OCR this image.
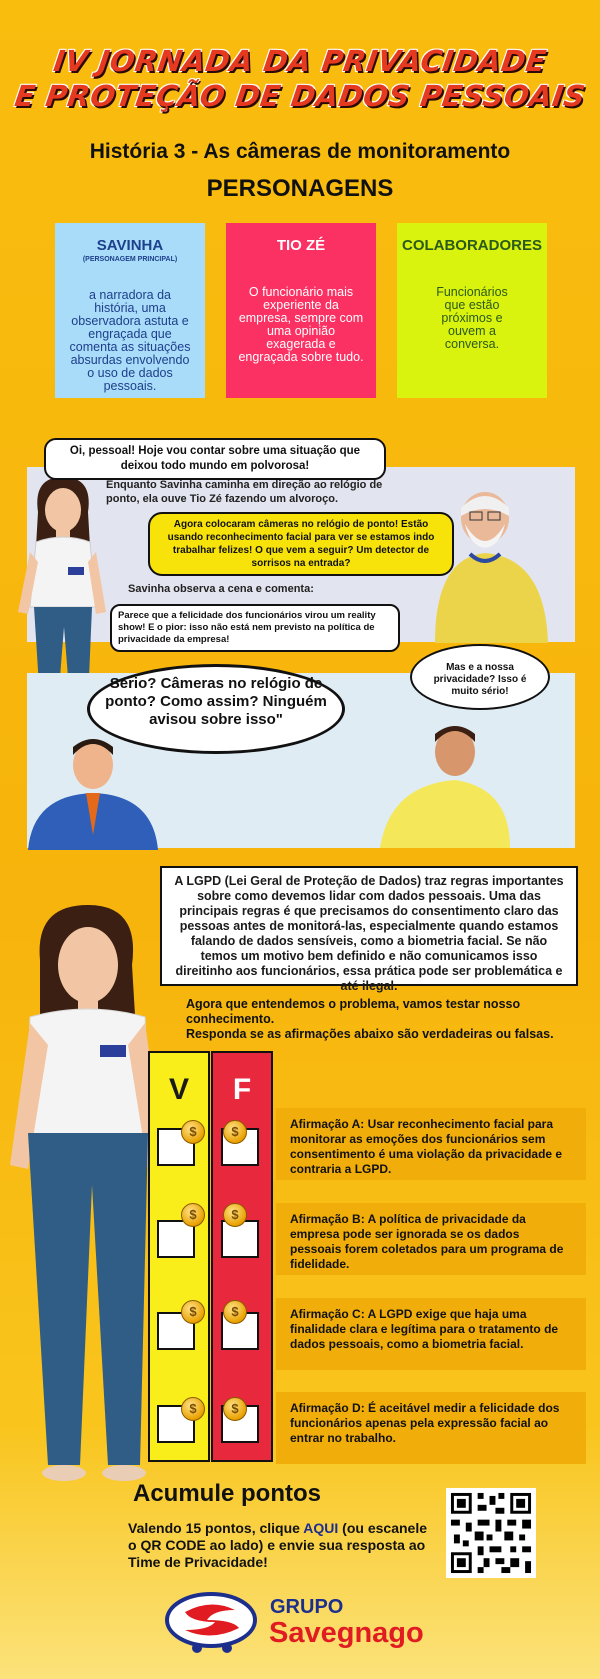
IV JORNADA DA PRIVACIDADE
E PROTEÇÃO DE DADOS PESSOAIS
História 3 - As câmeras de monitoramento
PERSONAGENS
SAVINHA
(PERSONAGEM PRINCIPAL)
a narradora da história, uma observadora astuta e engraçada que comenta as situações absurdas envolvendo o uso de dados pessoais.
TIO ZÉ
O funcionário mais experiente da empresa, sempre com uma opinião exagerada e engraçada sobre tudo.
COLABORADORES
Funcionários que estão próximos e ouvem a conversa.
Oi, pessoal! Hoje vou contar sobre uma situação que deixou todo mundo em polvorosa!
Enquanto Savinha caminha em direção ao relógio de ponto, ela ouve Tio Zé fazendo um alvoroço.
Agora colocaram câmeras no relógio de ponto! Estão usando reconhecimento facial para ver se estamos indo trabalhar felizes! O que vem a seguir? Um detector de sorrisos na entrada?
Savinha observa a cena e comenta:
Parece que a felicidade dos funcionários virou um reality show! E o pior: isso não está nem previsto na política de privacidade da empresa!
Sério? Câmeras no relógio de ponto? Como assim? Ninguém avisou sobre isso"
Mas e a nossa privacidade? Isso é muito sério!
A LGPD (Lei Geral de Proteção de Dados) traz regras importantes sobre como devemos lidar com dados pessoais. Uma das principais regras é que precisamos do consentimento claro das pessoas antes de monitorá-las, especialmente quando estamos falando de dados sensíveis, como a biometria facial. Se não temos um motivo bem definido e não comunicamos isso direitinho aos funcionários, essa prática pode ser problemática e até ilegal.
Agora que entendemos o problema, vamos testar nosso conhecimento.
Responda se as afirmações abaixo são verdadeiras ou falsas.
V	F
$	$
$	$
$	$
$	$
Afirmação A: Usar reconhecimento facial para monitorar as emoções dos funcionários sem consentimento é uma violação da privacidade e contraria a LGPD.
Afirmação B: A política de privacidade da empresa pode ser ignorada se os dados pessoais forem coletados para um programa de fidelidade.
Afirmação C: A LGPD exige que haja uma finalidade clara e legítima para o tratamento de dados pessoais, como a biometria facial.
Afirmação D: É aceitável medir a felicidade dos funcionários apenas pela expressão facial ao entrar no trabalho.
Acumule pontos
Valendo 15 pontos, clique AQUI (ou escanele o QR CODE ao lado) e envie sua resposta ao Time de Privacidade!
GRUPO
Savegnago
